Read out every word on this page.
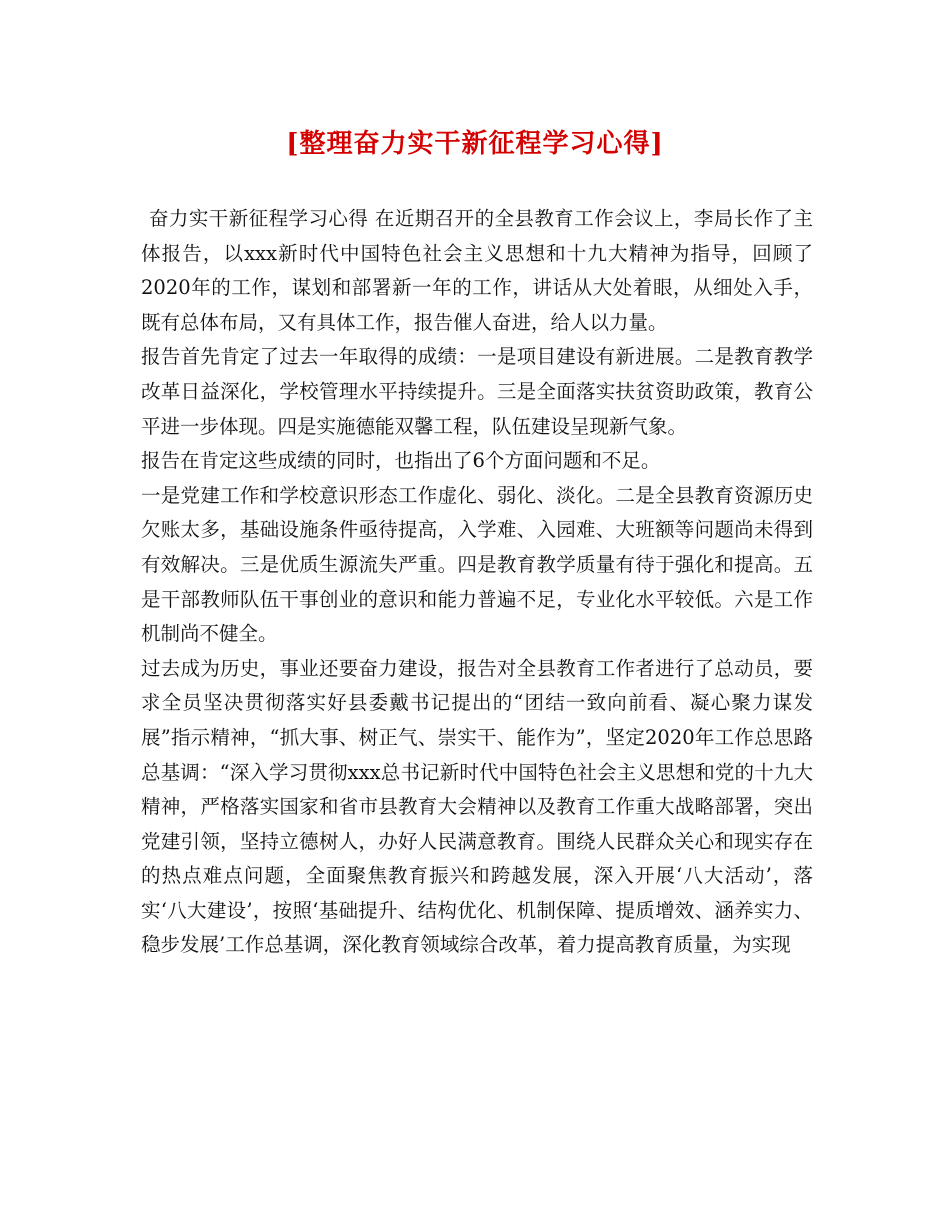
[整理奋力实干新征程学习心得]

奋力实干新征程学习心得 在近期召开的全县教育工作会议上，李局长作了主体报告，以xxx新时代中国特色社会主义思想和十九大精神为指导，回顾了2020年的工作，谋划和部署新一年的工作，讲话从大处着眼，从细处入手，既有总体布局，又有具体工作，报告催人奋进，给人以力量。

报告首先肯定了过去一年取得的成绩：一是项目建设有新进展。二是教育教学改革日益深化，学校管理水平持续提升。三是全面落实扶贫资助政策，教育公平进一步体现。四是实施德能双馨工程，队伍建设呈现新气象。

报告在肯定这些成绩的同时，也指出了6个方面问题和不足。

一是党建工作和学校意识形态工作虚化、弱化、淡化。二是全县教育资源历史欠账太多，基础设施条件亟待提高，入学难、入园难、大班额等问题尚未得到有效解决。三是优质生源流失严重。四是教育教学质量有待于强化和提高。五是干部教师队伍干事创业的意识和能力普遍不足，专业化水平较低。六是工作机制尚不健全。

过去成为历史，事业还要奋力建设，报告对全县教育工作者进行了总动员，要求全员坚决贯彻落实好县委戴书记提出的“团结一致向前看、凝心聚力谋发展”指示精神，“抓大事、树正气、崇实干、能作为”，坚定2020年工作总思路总基调：“深入学习贯彻xxx总书记新时代中国特色社会主义思想和党的十九大精神，严格落实国家和省市县教育大会精神以及教育工作重大战略部署，突出党建引领，坚持立德树人，办好人民满意教育。围绕人民群众关心和现实存在的热点难点问题，全面聚焦教育振兴和跨越发展，深入开展‘八大活动’，落实‘八大建设’，按照‘基础提升、结构优化、机制保障、提质增效、涵养实力、稳步发展’工作总基调，深化教育领域综合改革，着力提高教育质量，为实现
